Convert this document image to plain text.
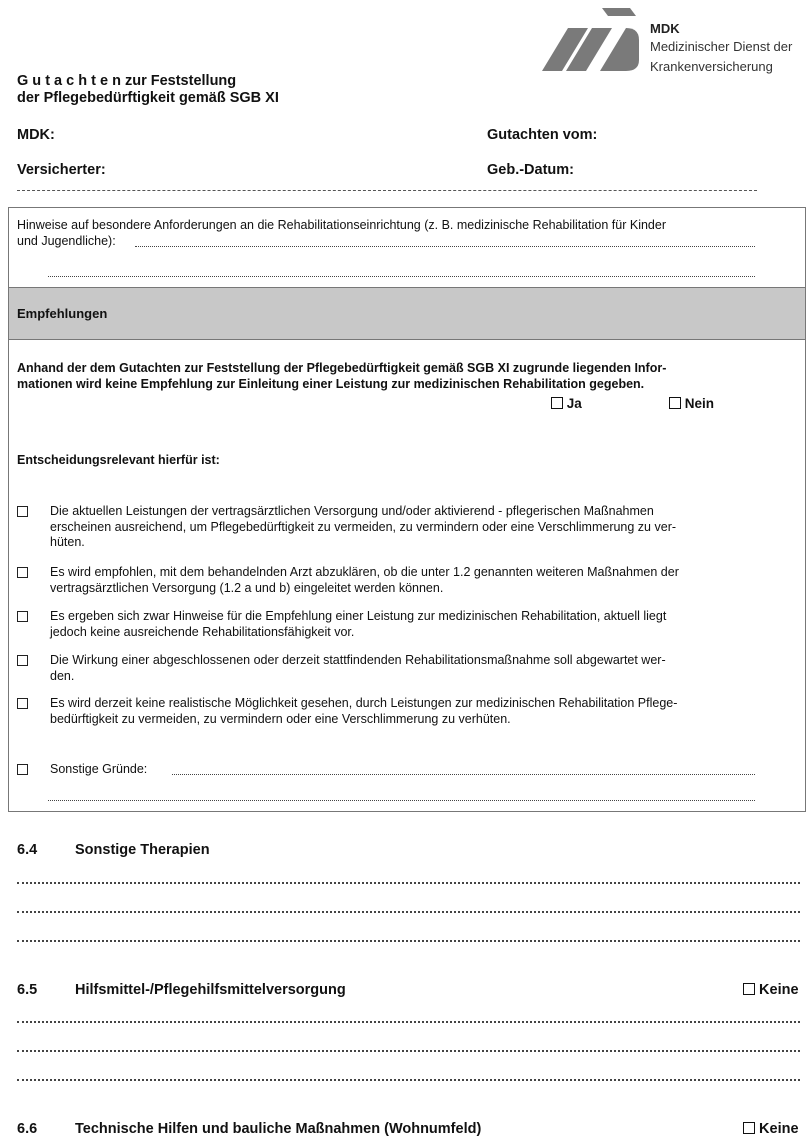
MDK
Medizinischer Dienst der
Krankenversicherung
G u t a c h t e n zur Feststellung
der Pflegebedürftigkeit gemäß SGB XI
MDK:	Gutachten vom:
Versicherter:	Geb.-Datum:
Hinweise auf besondere Anforderungen an die Rehabilitationseinrichtung (z. B. medizinische Rehabilitation für Kinder
und Jugendliche):
Empfehlungen
Anhand der dem Gutachten zur Feststellung der Pflegebedürftigkeit gemäß SGB XI zugrunde liegenden Infor-
mationen wird keine Empfehlung zur Einleitung einer Leistung zur medizinischen Rehabilitation gegeben.
Ja	Nein
Entscheidungsrelevant hierfür ist:
Die aktuellen Leistungen der vertragsärztlichen Versorgung und/oder aktivierend - pflegerischen Maßnahmen
erscheinen ausreichend, um Pflegebedürftigkeit zu vermeiden, zu vermindern oder eine Verschlimmerung zu ver-
hüten.
Es wird empfohlen, mit dem behandelnden Arzt abzuklären, ob die unter 1.2 genannten weiteren Maßnahmen der
vertragsärztlichen Versorgung (1.2 a und b) eingeleitet werden können.
Es ergeben sich zwar Hinweise für die Empfehlung einer Leistung zur medizinischen Rehabilitation, aktuell liegt
jedoch keine ausreichende Rehabilitationsfähigkeit vor.
Die Wirkung einer abgeschlossenen oder derzeit stattfindenden Rehabilitationsmaßnahme soll abgewartet wer-
den.
Es wird derzeit keine realistische Möglichkeit gesehen, durch Leistungen zur medizinischen Rehabilitation Pflege-
bedürftigkeit zu vermeiden, zu vermindern oder eine Verschlimmerung zu verhüten.
Sonstige Gründe:
6.4	Sonstige Therapien
6.5	Hilfsmittel-/Pflegehilfsmittelversorgung	Keine
6.6	Technische Hilfen und bauliche Maßnahmen (Wohnumfeld)	Keine
